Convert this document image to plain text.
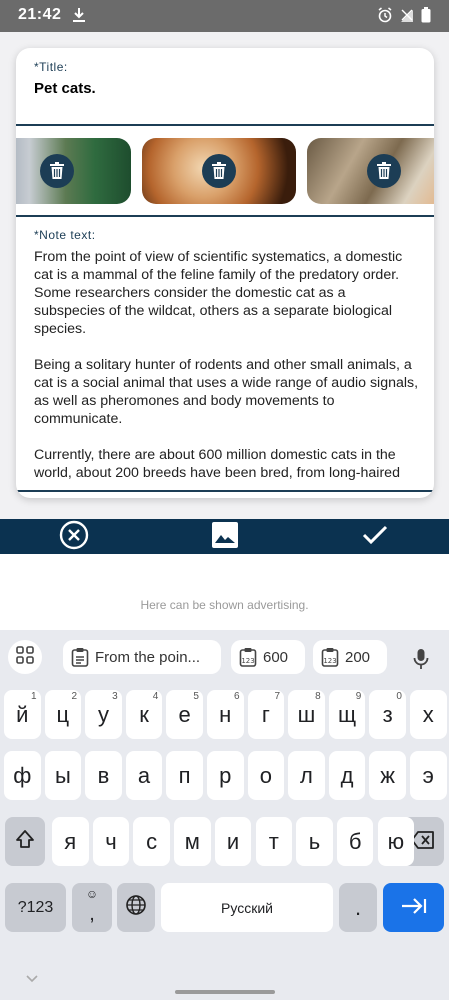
21:42
*Title:
Pet cats.
*Note text:

From the point of view of scientific systematics, a domestic cat is a mammal of the feline family of the predatory order. Some researchers consider the domestic cat as a subspecies of the wildcat, others as a separate biological species.

Being a solitary hunter of rodents and other small animals, a cat is a social animal that uses a wide range of audio signals, as well as pheromones and body movements to communicate.

Currently, there are about 600 million domestic cats in the world, about 200 breeds have been bred, from long-haired

Here can be shown advertising.
From the poin...	123 600	123 200
?123
☺
,	Русский	.
й
1
ц
2
у
3
к
4
е
5
н
6
г
7
ш
8
щ
9
з
0
х
ф ы в а п р о л д ж э
я ч с м и т ь б ю
